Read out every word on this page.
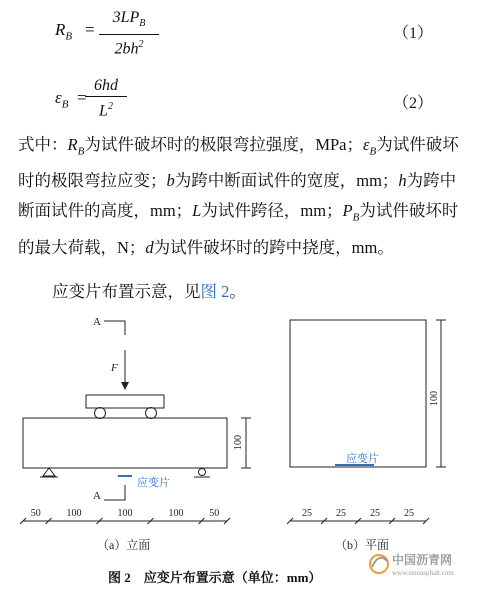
$R_B$ =
$3LP_B$
$2bh^2$
（1）
$\varepsilon_B$ =
$\frac{6hd}{L^2}$	（2）

式中：$R_B$为试件破坏时的极限弯拉强度，MPa；$\varepsilon_B$为试件破坏时的极限弯拉应变；b为跨中断面试件的宽度，mm；h为跨中断面试件的高度，mm；L为试件跨径，mm；$P_B$为试件破坏时的最大荷载，N；d为试件破坏时的跨中挠度，mm。

应变片布置示意，见图 2。
A
F
100
应变片
A
50	100	100	100	50
100
应变片
25 25 25 25
（a）立面	（b）平面
图 2　应变片布置示意（单位：mm）
中国沥青网
www.sinoasphalt.com
